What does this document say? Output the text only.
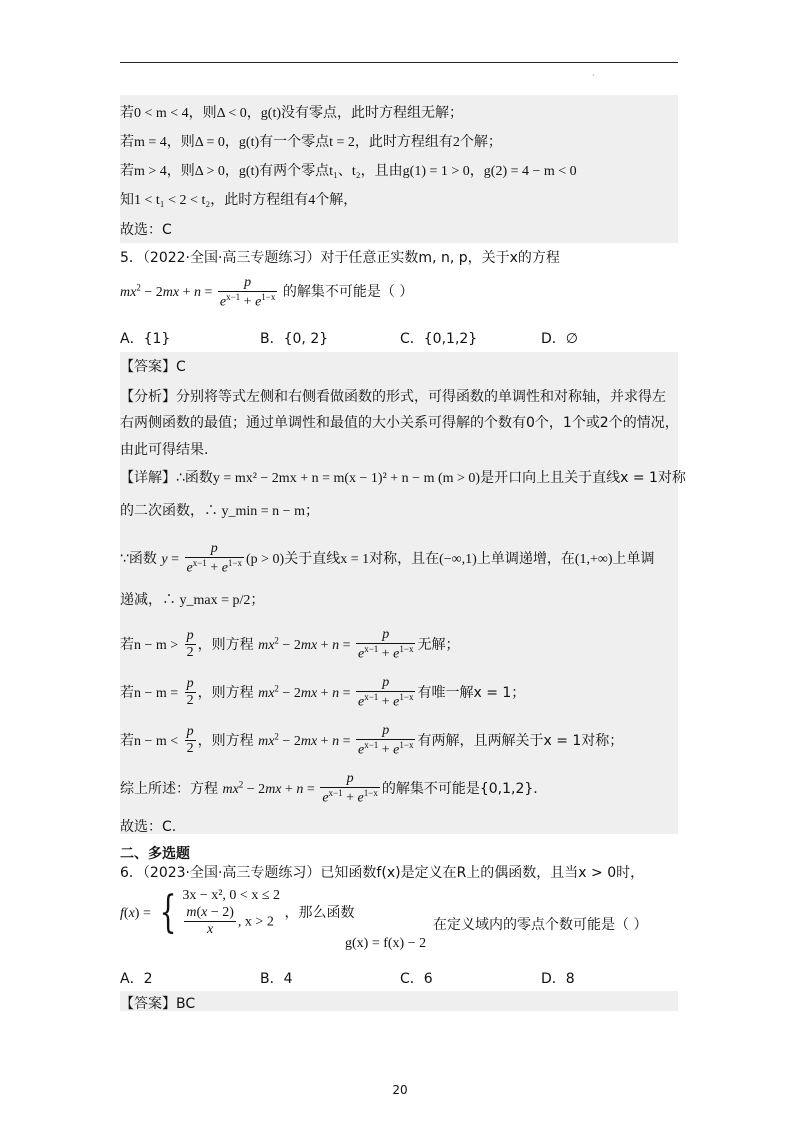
·
若0 < m < 4，则Δ < 0，g(t)没有零点，此时方程组无解；
若m = 4，则Δ = 0，g(t)有一个零点t = 2，此时方程组有2个解；
若m > 4，则Δ > 0，g(t)有两个零点t₁、t₂，且由g(1) = 1 > 0，g(2) = 4 − m < 0
知1 < t₁ < 2 < t₂，此时方程组有4个解，
故选：C
5．（2022·全国·高三专题练习）对于任意正实数m, n, p，关于x的方程
$mx^2 - 2mx + n = \frac{p}{e^{x-1} + e^{1-x}}$ 的解集不可能是（ ）
A．{1}	B．{0, 2}	C．{0,1,2}	D．∅
【答案】C
【分析】分别将等式左侧和右侧看做函数的形式，可得函数的单调性和对称轴，并求得左
右两侧函数的最值；通过单调性和最值的大小关系可得解的个数有0个，1个或2个的情况，
由此可得结果.
【详解】∴函数y = mx² − 2mx + n = m(x − 1)² + n − m (m > 0)是开口向上且关于直线x = 1对称
的二次函数，∴ y_min = n − m；
∵函数 $y = \frac{p}{e^{x-1} + e^{1-x}} (p > 0)$关于直线x = 1对称，且在(−∞,1)上单调递增，在(1,+∞)上单调
递减，∴ y_max = p/2；
若$n - m > \frac{p}{2}$ ，则方程 $mx^2 - 2mx + n = \frac{p}{e^{x-1} + e^{1-x}}$ 无解；
若$n - m = \frac{p}{2}$ ，则方程 $mx^2 - 2mx + n = \frac{p}{e^{x-1} + e^{1-x}}$ 有唯一解x = 1；
若$n - m < \frac{p}{2}$ ，则方程 $mx^2 - 2mx + n = \frac{p}{e^{x-1} + e^{1-x}}$ 有两解，且两解关于x = 1对称；
综上所述：方程 $mx^2 - 2mx + n = \frac{p}{e^{x-1} + e^{1-x}}$ 的解集不可能是{0,1,2}.
故选：C.
二、多选题
6．（2023·全国·高三专题练习）已知函数f(x)是定义在R上的偶函数，且当x > 0时，
f(x) = { 3x − x², 0 < x ≤ 2
$\frac{m(x - 2)}{x}$ , x > 2
，那么函数
g(x) = f(x) − 2
在定义域内的零点个数可能是（ ）
A．2	B．4	C．6	D．8
【答案】BC
20
